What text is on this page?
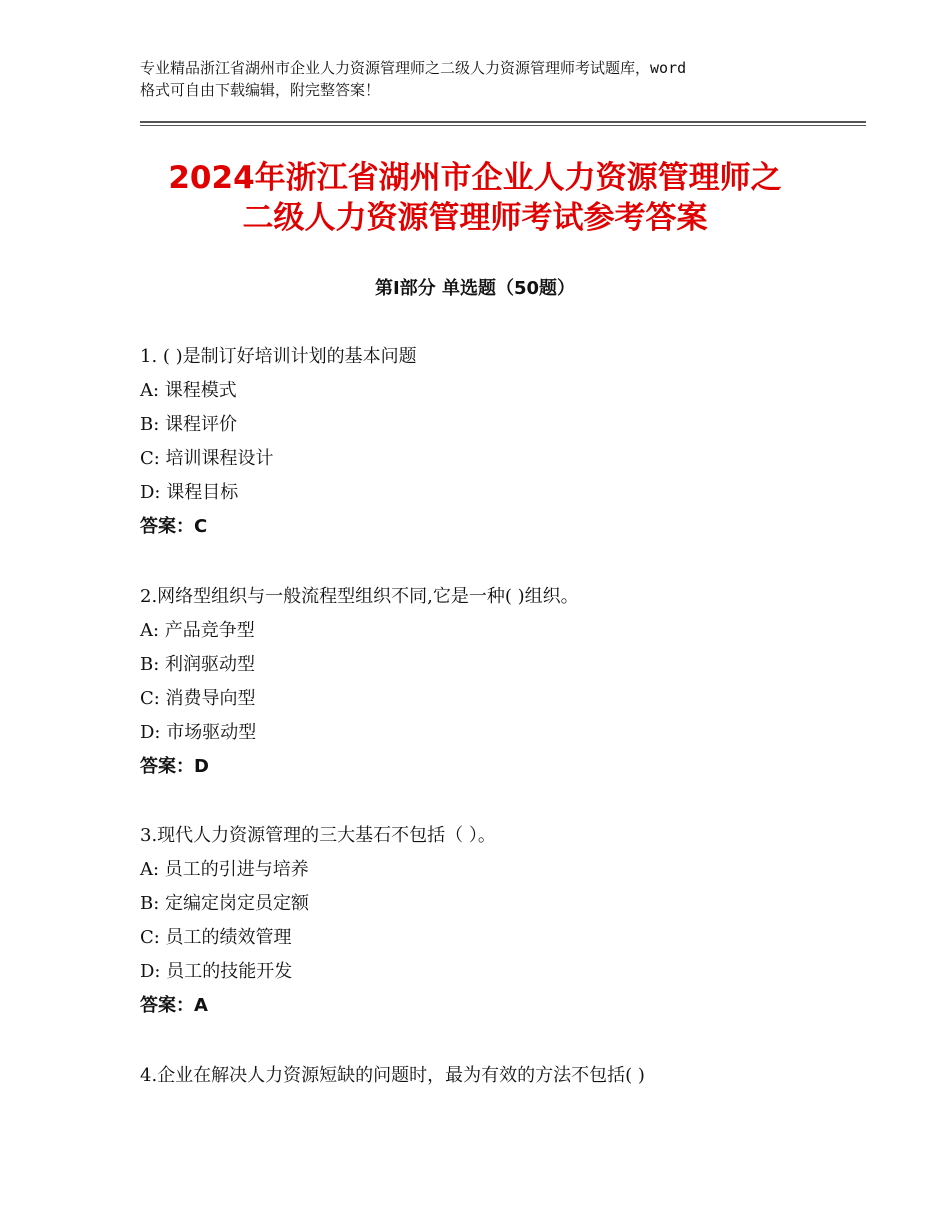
专业精品浙江省湖州市企业人力资源管理师之二级人力资源管理师考试题库，word
格式可自由下载编辑，附完整答案！
2024年浙江省湖州市企业人力资源管理师之
二级人力资源管理师考试参考答案
第Ⅰ部分 单选题（50题）
1. ( )是制订好培训计划的基本问题
A: 课程模式
B: 课程评价
C: 培训课程设计
D: 课程目标
答案：C
2.网络型组织与一般流程型组织不同,它是一种( )组织。
A: 产品竞争型
B: 利润驱动型
C: 消费导向型
D: 市场驱动型
答案：D
3.现代人力资源管理的三大基石不包括（ ）。
A: 员工的引进与培养
B: 定编定岗定员定额
C: 员工的绩效管理
D: 员工的技能开发
答案：A
4.企业在解决人力资源短缺的问题时，最为有效的方法不包括( )
